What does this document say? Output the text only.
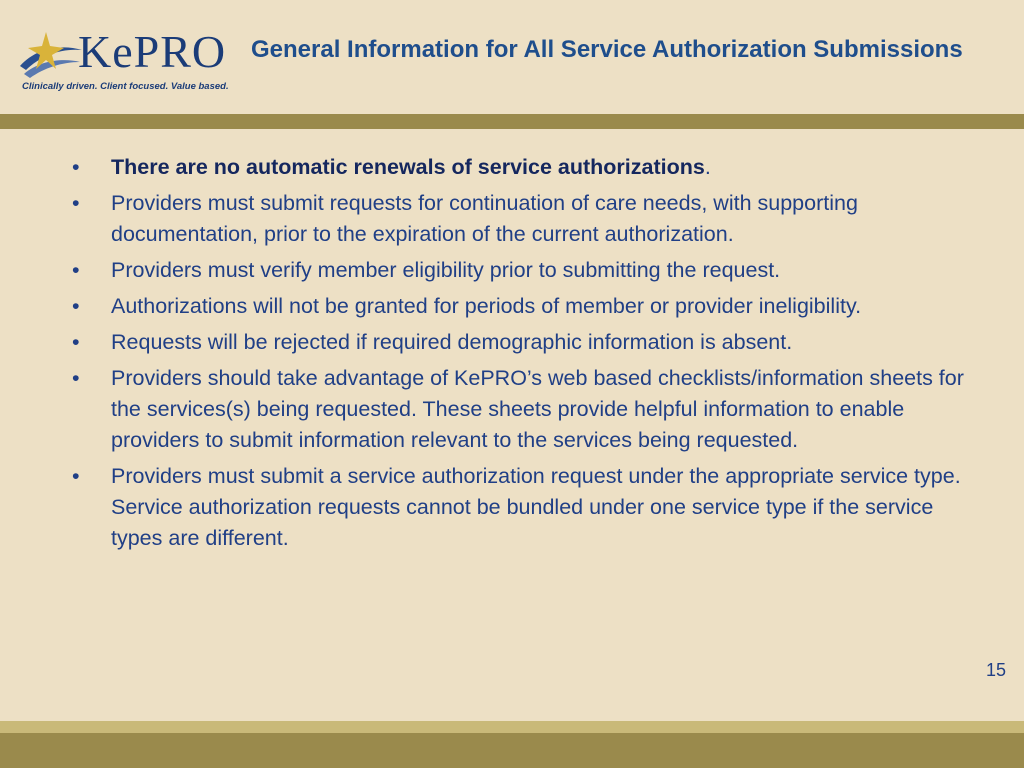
KePRO
Clinically driven. Client focused. Value based.
General Information for All Service Authorization Submissions
•	There are no automatic renewals of service authorizations.
•	Providers must submit requests for continuation of care needs, with supporting documentation, prior to the expiration of the current authorization.
•	Providers must verify member eligibility prior to submitting the request.
•	Authorizations will not be granted for periods of member or provider ineligibility.
•	Requests will be rejected if required demographic information is absent.
•	Providers should take advantage of KePRO’s web based checklists/information sheets for the services(s) being requested. These sheets provide helpful information to enable providers to submit information relevant to the services being requested.
•	Providers must submit a service authorization request under the appropriate service type. Service authorization requests cannot be bundled under one service type if the service types are different.
15
